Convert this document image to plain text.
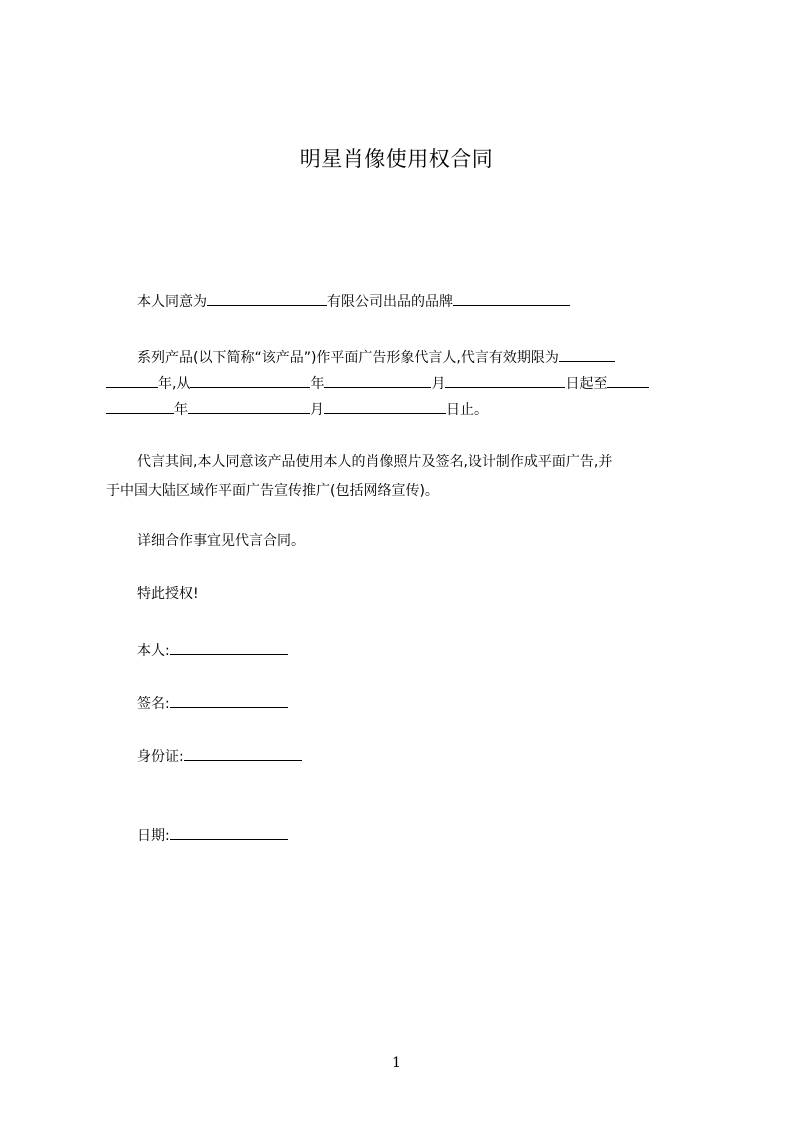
明星肖像使用权合同
本人同意为	有限公司出品的品牌
系列产品(以下简称“该产品”)作平面广告形象代言人,代言有效期限为
年,从	年	月	日起至
年	月	日止。
代言其间,本人同意该产品使用本人的肖像照片及签名,设计制作成平面广告,并
于中国大陆区域作平面广告宣传推广(包括网络宣传)。
详细合作事宜见代言合同。
特此授权!
本人:
签名:
身份证:
日期:
1
